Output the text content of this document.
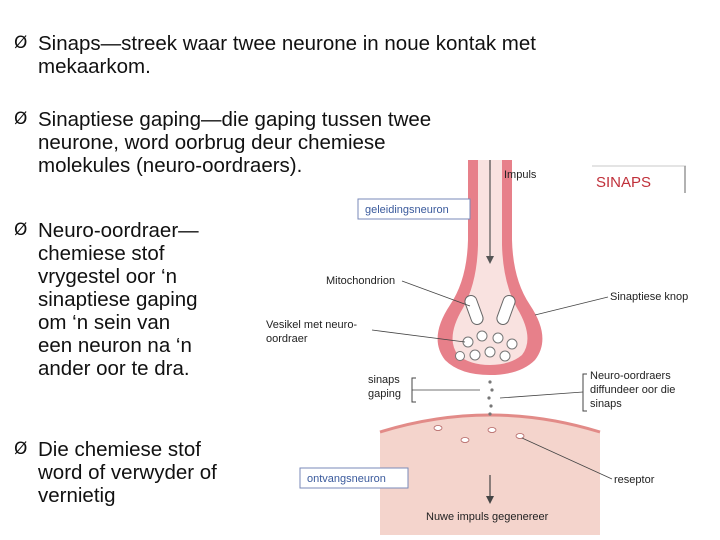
Ø Sinaps—streek waar twee neurone in noue kontak met
mekaarkom.
Ø Sinaptiese gaping—die gaping tussen twee
neurone, word oorbrug deur chemiese
molekules (neuro-oordraers).
Ø Neuro-oordraer—
chemiese stof
vrygestel oor ‘n
sinaptiese gaping
om ‘n sein van
een neuron na ‘n
ander oor te dra.
Ø Die chemiese stof
word of verwyder of
vernietig
SINAPS
Impuls
geleidingsneuron
Mitochondrion
Sinaptiese knop
Vesikel met neuro-
oordraer
sinaps
gaping
Neuro-oordraers
diffundeer oor die
sinaps
ontvangsneuron	reseptor
Nuwe impuls gegenereer
